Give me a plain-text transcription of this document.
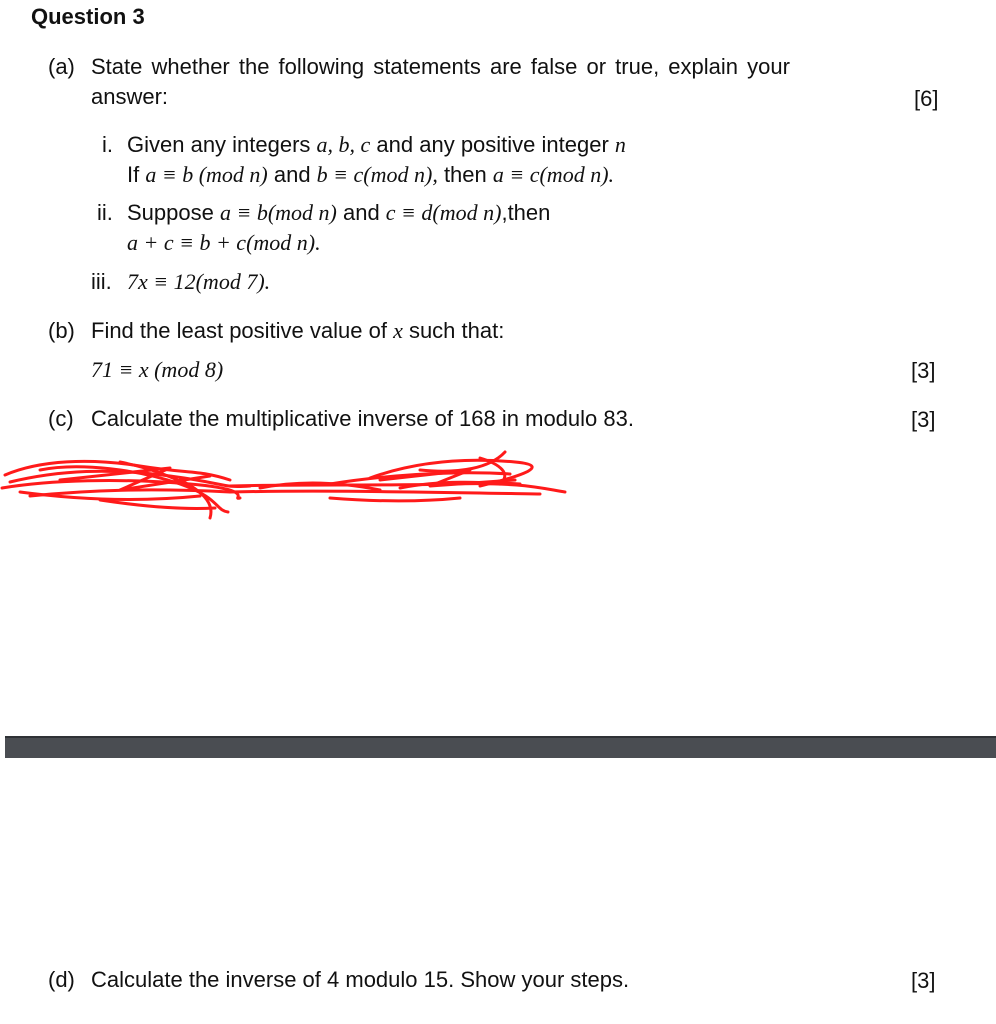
Question 3
(a) State whether the following statements are false or true, explain your
answer:	[6]
i. Given any integers a, b, c and any positive integer n
If a ≡ b (mod n) and b ≡ c(mod n), then a ≡ c(mod n).
ii. Suppose a ≡ b(mod n) and c ≡ d(mod n),then
a + c ≡ b + c(mod n).
iii. 7x ≡ 12(mod 7).
(b) Find the least positive value of x such that:
71 ≡ x (mod 8)	[3]
(c) Calculate the multiplicative inverse of 168 in modulo 83.	[3]
(d) Calculate the inverse of 4 modulo 15. Show your steps.	[3]
